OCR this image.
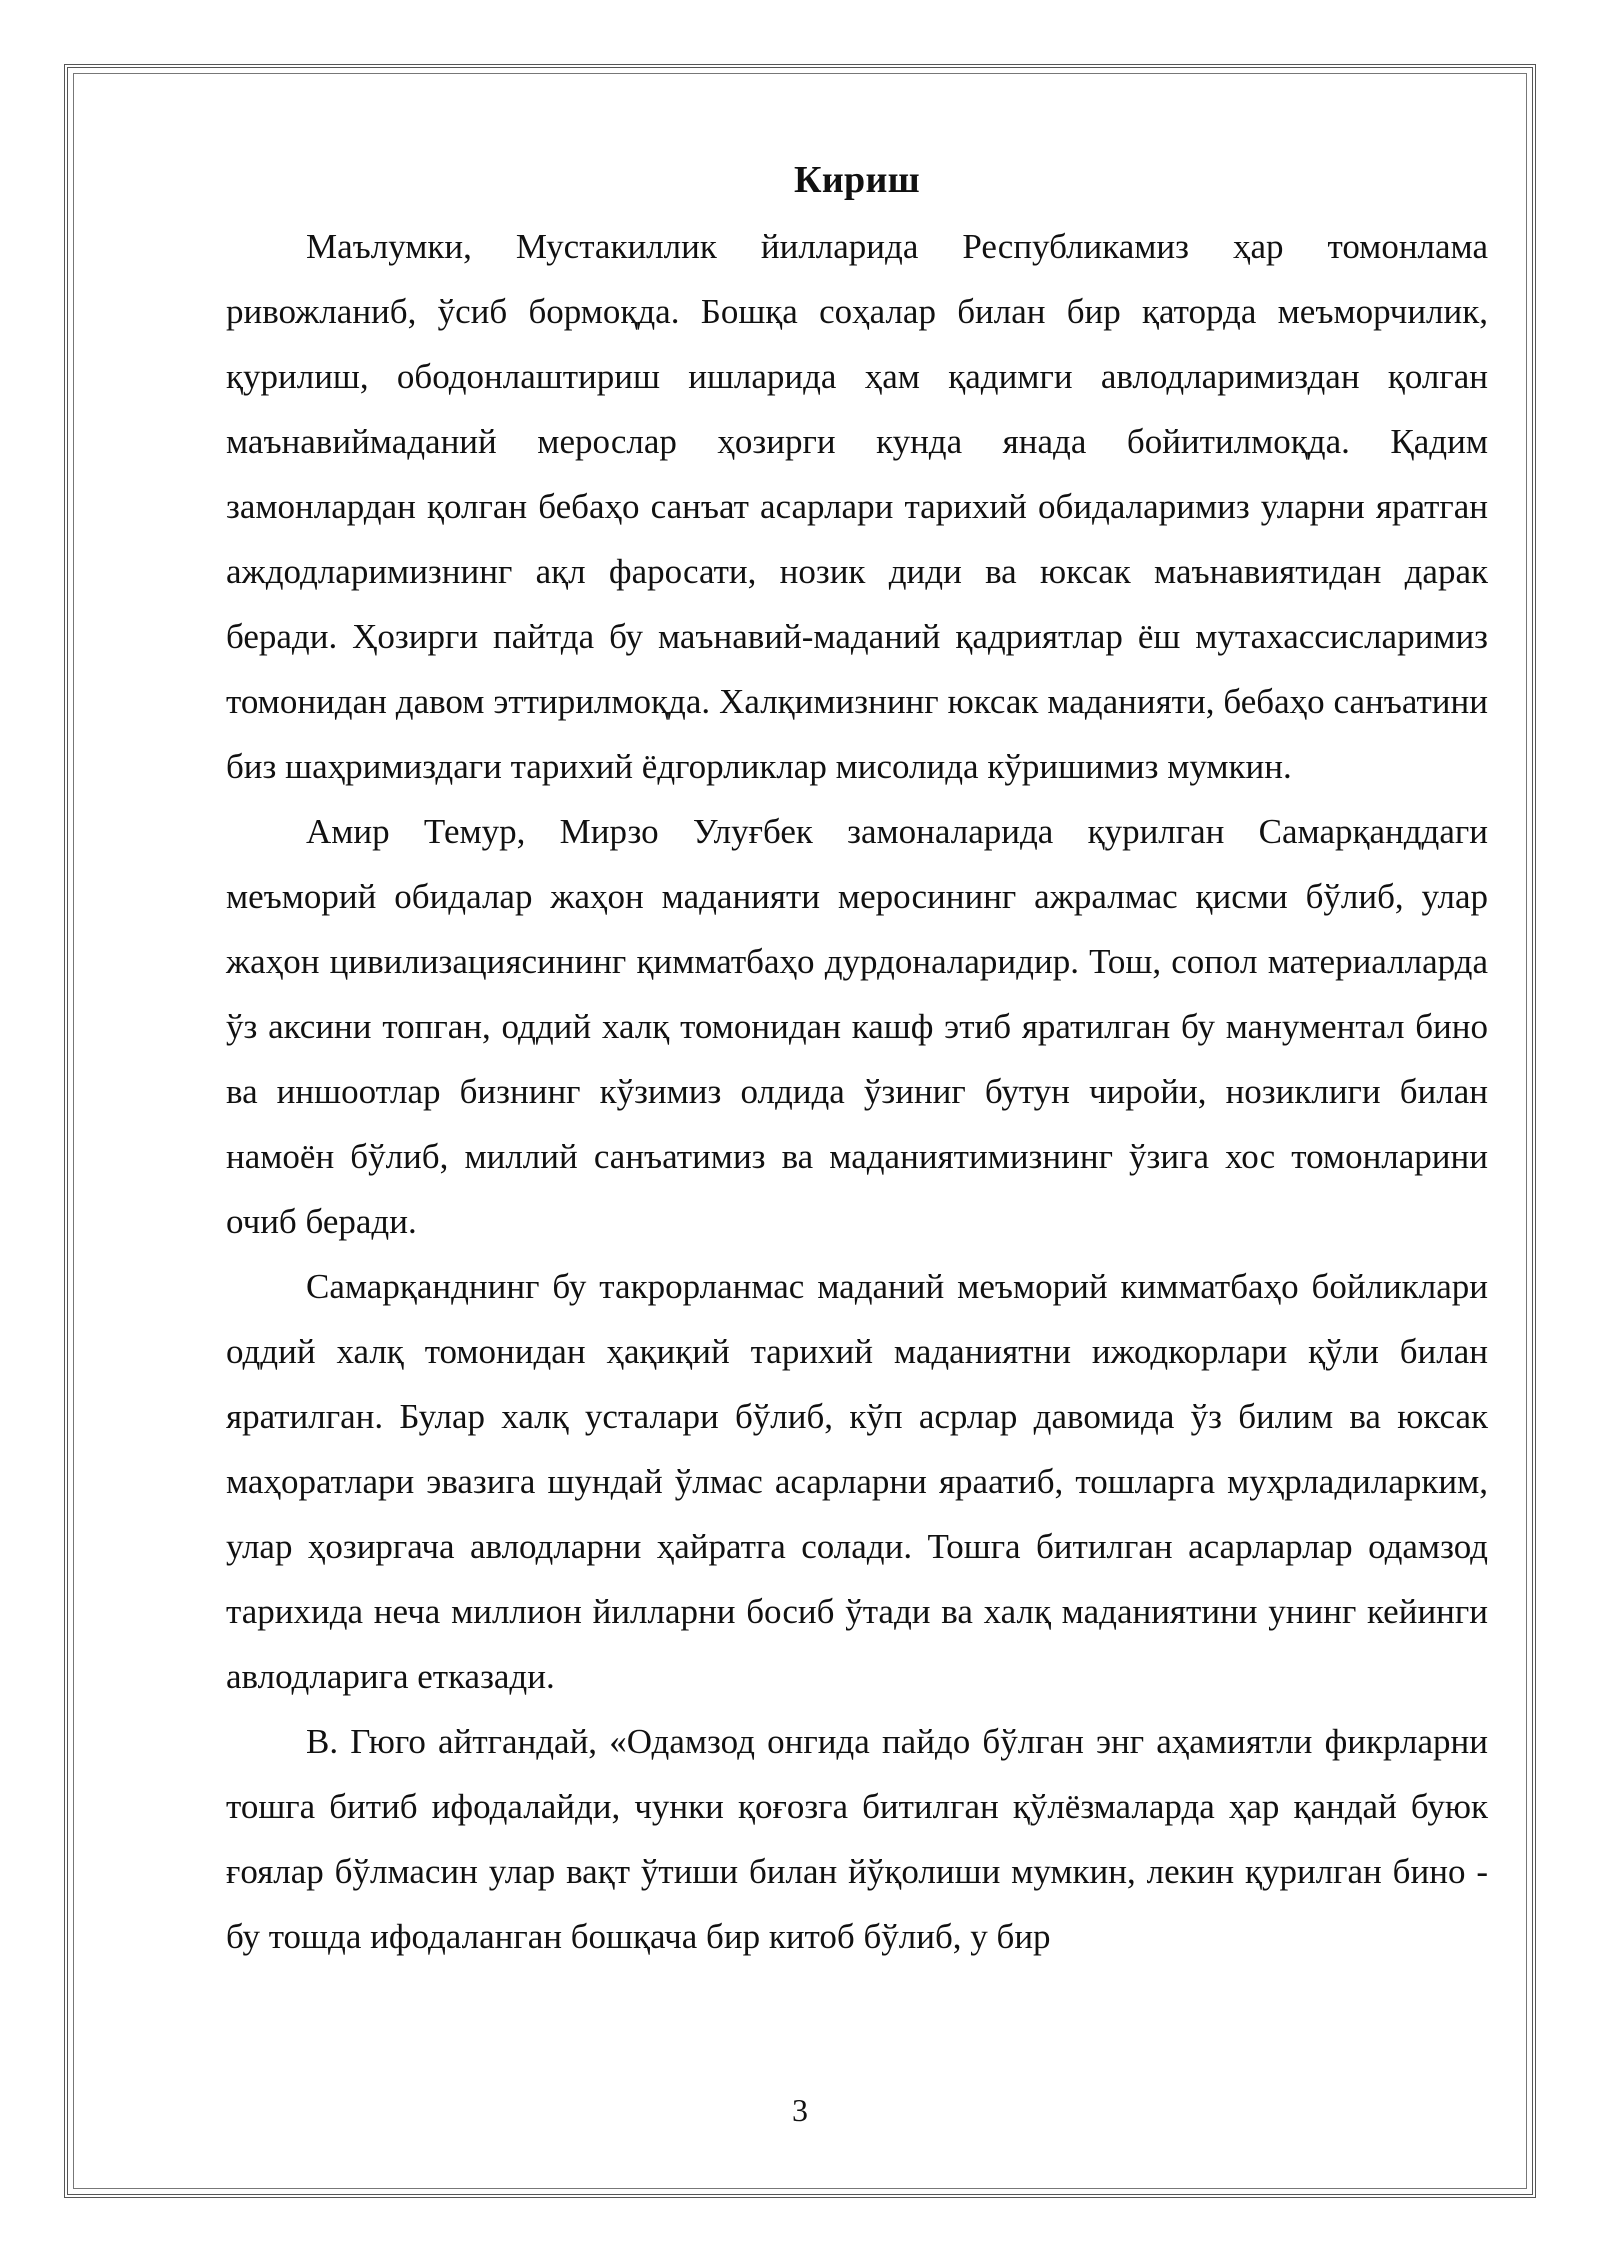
Кириш

Маълумки, Мустакиллик йилларида Республикамиз ҳар томонлама ривожланиб, ўсиб бормоқда. Бошқа соҳалар билан бир қаторда меъморчилик, қурилиш, ободонлаштириш ишларида ҳам қадимги авлодларимиздан қолган маънавиймаданий мерослар ҳозирги кунда янада бойитилмоқда. Қадим замонлардан қолган бебаҳо санъат асарлари тарихий обидаларимиз уларни яратган аждодларимизнинг ақл фаросати, нозик диди ва юксак маънавиятидан дарак беради. Ҳозирги пайтда бу маънавий-маданий қадриятлар ёш мутахассисларимиз томонидан давом эттирилмоқда. Халқимизнинг юксак маданияти, бебаҳо санъатини биз шаҳримиздаги тарихий ёдгорликлар мисолида кўришимиз мумкин.

Амир Темур, Мирзо Улуғбек замоналарида қурилган Самарқанддаги меъморий обидалар жаҳон маданияти меросининг ажралмас қисми бўлиб, улар жаҳон цивилизациясининг қимматбаҳо дурдоналаридир. Тош, сопол материалларда ўз аксини топган, оддий халқ томонидан кашф этиб яратилган бу манументал бино ва иншоотлар бизнинг кўзимиз олдида ўзиниг бутун чиройи, нозиклиги билан намоён бўлиб, миллий санъатимиз ва маданиятимизнинг ўзига хос томонларини очиб беради.

Самарқанднинг бу такрорланмас маданий меъморий кимматбаҳо бойликлари оддий халқ томонидан ҳақиқий тарихий маданиятни ижодкорлари қўли билан яратилган. Булар халқ усталари бўлиб, кўп асрлар давомида ўз билим ва юксак маҳоратлари эвазига шундай ўлмас асарларни яраатиб, тошларга муҳрладиларким, улар ҳозиргача авлодларни ҳайратга солади. Тошга битилган асарларлар одамзод тарихида неча миллион йилларни босиб ўтади ва халқ маданиятини унинг кейинги авлодларига етказади.

В. Гюго айтгандай, «Одамзод онгида пайдо бўлган энг аҳамиятли фикрларни тошга битиб ифодалайди, чунки қоғозга битилган қўлёзмаларда ҳар қандай буюк ғоялар бўлмасин улар вақт ўтиши билан йўқолиши мумкин, лекин қурилган бино - бу тошда ифодаланган бошқача бир китоб бўлиб, у бир

3
